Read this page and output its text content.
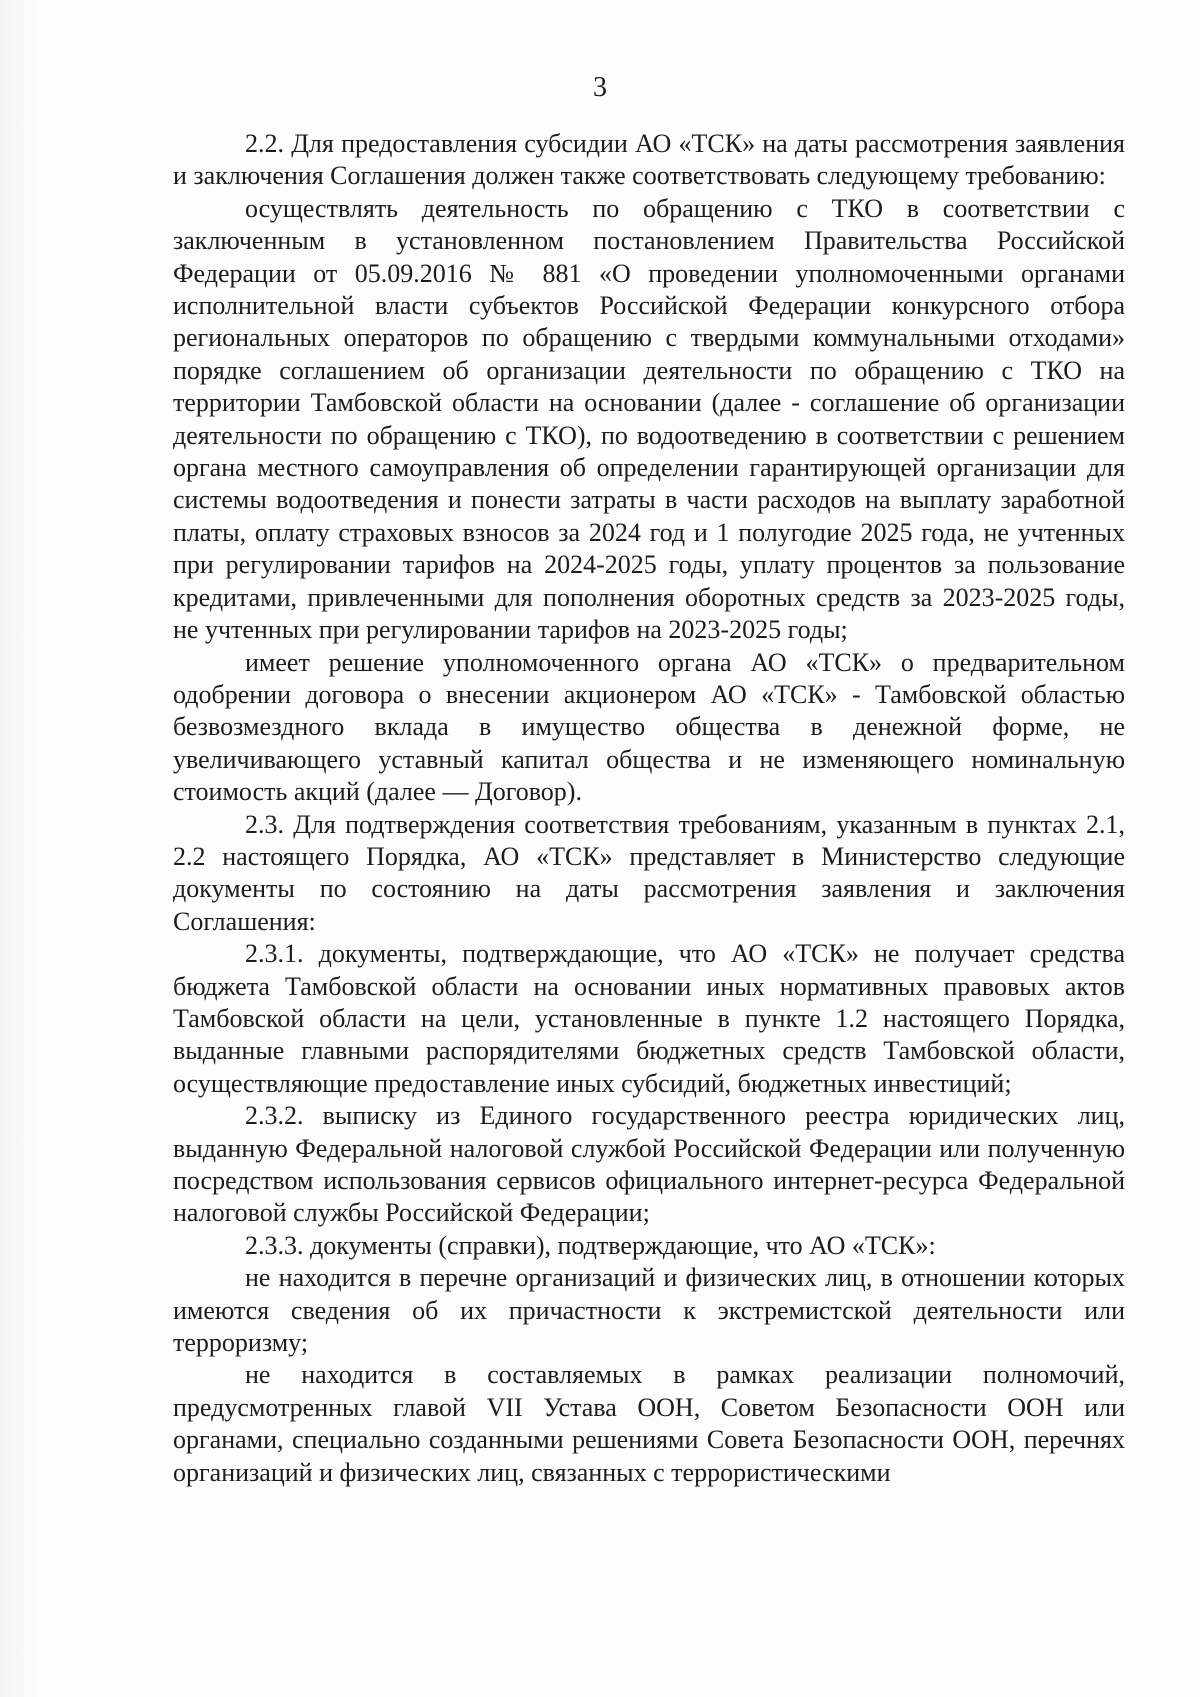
3

2.2. Для предоставления субсидии АО «ТСК» на даты рассмотрения заявления и заключения Соглашения должен также соответствовать следующему требованию:

осуществлять деятельность по обращению с ТКО в соответствии с заключенным в установленном постановлением Правительства Российской Федерации от 05.09.2016 № 881 «О проведении уполномоченными органами исполнительной власти субъектов Российской Федерации конкурсного отбора региональных операторов по обращению с твердыми коммунальными отходами» порядке соглашением об организации деятельности по обращению с ТКО на территории Тамбовской области на основании (далее - соглашение об организации деятельности по обращению с ТКО), по водоотведению в соответствии с решением органа местного самоуправления об определении гарантирующей организации для системы водоотведения и понести затраты в части расходов на выплату заработной платы, оплату страховых взносов за 2024 год и 1 полугодие 2025 года, не учтенных при регулировании тарифов на 2024-2025 годы, уплату процентов за пользование кредитами, привлеченными для пополнения оборотных средств за 2023-2025 годы, не учтенных при регулировании тарифов на 2023-2025 годы;

имеет решение уполномоченного органа АО «ТСК» о предварительном одобрении договора о внесении акционером АО «ТСК» - Тамбовской областью безвозмездного вклада в имущество общества в денежной форме, не увеличивающего уставный капитал общества и не изменяющего номинальную стоимость акций (далее — Договор).

2.3. Для подтверждения соответствия требованиям, указанным в пунктах 2.1, 2.2 настоящего Порядка, АО «ТСК» представляет в Министерство следующие документы по состоянию на даты рассмотрения заявления и заключения Соглашения:

2.3.1. документы, подтверждающие, что АО «ТСК» не получает средства бюджета Тамбовской области на основании иных нормативных правовых актов Тамбовской области на цели, установленные в пункте 1.2 настоящего Порядка, выданные главными распорядителями бюджетных средств Тамбовской области, осуществляющие предоставление иных субсидий, бюджетных инвестиций;

2.3.2. выписку из Единого государственного реестра юридических лиц, выданную Федеральной налоговой службой Российской Федерации или полученную посредством использования сервисов официального интернет-ресурса Федеральной налоговой службы Российской Федерации;

2.3.3. документы (справки), подтверждающие, что АО «ТСК»:

не находится в перечне организаций и физических лиц, в отношении которых имеются сведения об их причастности к экстремистской деятельности или терроризму;

не находится в составляемых в рамках реализации полномочий, предусмотренных главой VII Устава ООН, Советом Безопасности ООН или органами, специально созданными решениями Совета Безопасности ООН, перечнях организаций и физических лиц, связанных с террористическими
